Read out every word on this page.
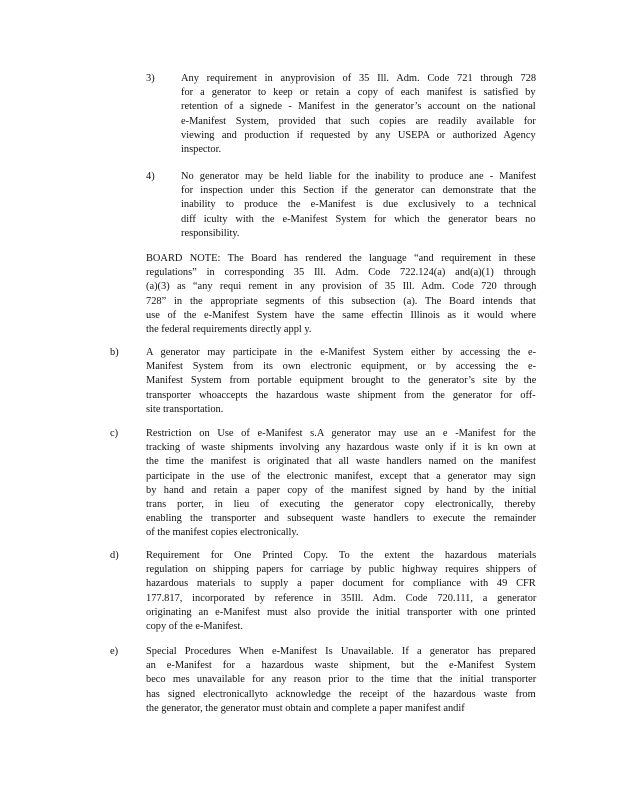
3)	Any requirement in anyprovision of 35 Ill. Adm. Code 721 through 728
for a generator to keep or retain a copy of each manifest is satisfied by
retention of a signede - Manifest in the generator’s account on the national
e-Manifest System, provided that such copies are readily available for
viewing and production if requested by any USEPA or authorized Agency
inspector.
4)	No generator may be held liable for the inability to produce ane - Manifest
for inspection under this Section if the generator can demonstrate that the
inability to produce the e-Manifest is due exclusively to a technical
diff iculty with the e-Manifest System for which the generator bears no
responsibility.
BOARD NOTE: The Board has rendered the language “and requirement in these
regulations” in corresponding 35 Ill. Adm. Code 722.124(a) and(a)(1) through
(a)(3) as “any requi rement in any provision of 35 Ill. Adm. Code 720 through
728” in the appropriate segments of this subsection (a). The Board intends that
use of the e-Manifest System have the same effectin Illinois as it would where
the federal requirements directly appl y.
b)	A generator may participate in the e-Manifest System either by accessing the e-
Manifest System from its own electronic equipment, or by accessing the e-
Manifest System from portable equipment brought to the generator’s site by the
transporter whoaccepts the hazardous waste shipment from the generator for off-
site transportation.
c)	Restriction on Use of e-Manifest s.A generator may use an e -Manifest for the
tracking of waste shipments involving any hazardous waste only if it is kn own at
the time the manifest is originated that all waste handlers named on the manifest
participate in the use of the electronic manifest, except that a generator may sign
by hand and retain a paper copy of the manifest signed by hand by the initial
trans porter, in lieu of executing the generator copy electronically, thereby
enabling the transporter and subsequent waste handlers to execute the remainder
of the manifest copies electronically.
d)	Requirement for One Printed Copy. To the extent the hazardous materials
regulation on shipping papers for carriage by public highway requires shippers of
hazardous materials to supply a paper document for compliance with 49 CFR
177.817, incorporated by reference in 35Ill. Adm. Code 720.111, a generator
originating an e-Manifest must also provide the initial transporter with one printed
copy of the e-Manifest.
e)	Special Procedures When e-Manifest Is Unavailable. If a generator has prepared
an e-Manifest for a hazardous waste shipment, but the e-Manifest System
beco mes unavailable for any reason prior to the time that the initial transporter
has signed electronicallyto acknowledge the receipt of the hazardous waste from
the generator, the generator must obtain and complete a paper manifest andif
